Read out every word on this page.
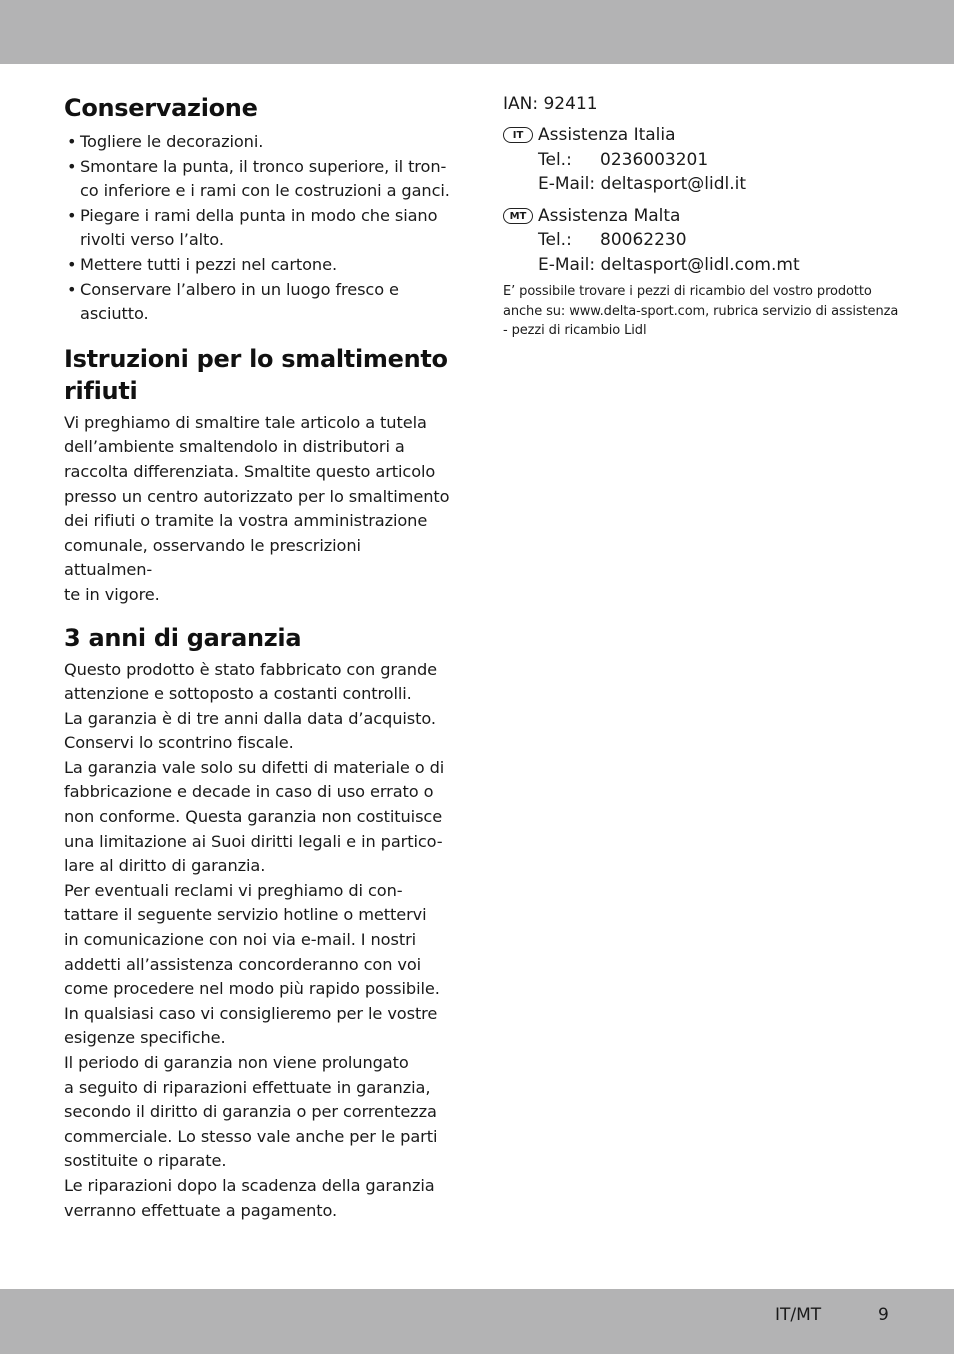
Conservazione
• Togliere le decorazioni.
• Smontare la punta, il tronco superiore, il tron-
co inferiore e i rami con le costruzioni a ganci.
• Piegare i rami della punta in modo che siano
rivolti verso l’alto.
• Mettere tutti i pezzi nel cartone.
• Conservare l’albero in un luogo fresco e
asciutto.
Istruzioni per lo smaltimento
rifiuti

Vi preghiamo di smaltire tale articolo a tutela
dell’ambiente smaltendolo in distributori a
raccolta differenziata. Smaltite questo articolo
presso un centro autorizzato per lo smaltimento
dei rifiuti o tramite la vostra amministrazione
comunale, osservando le prescrizioni attualmen-
te in vigore.

3 anni di garanzia

Questo prodotto è stato fabbricato con grande
attenzione e sottoposto a costanti controlli.

La garanzia è di tre anni dalla data d’acquisto.
Conservi lo scontrino fiscale.

La garanzia vale solo su difetti di materiale o di
fabbricazione e decade in caso di uso errato o
non conforme. Questa garanzia non costituisce
una limitazione ai Suoi diritti legali e in partico-
lare al diritto di garanzia.

Per eventuali reclami vi preghiamo di con-
tattare il seguente servizio hotline o mettervi
in comunicazione con noi via e-mail. I nostri
addetti all’assistenza concorderanno con voi
come procedere nel modo più rapido possibile.
In qualsiasi caso vi consiglieremo per le vostre
esigenze specifiche.

Il periodo di garanzia non viene prolungato
a seguito di riparazioni effettuate in garanzia,
secondo il diritto di garanzia o per correntezza
commerciale. Lo stesso vale anche per le parti
sostituite o riparate.

Le riparazioni dopo la scadenza della garanzia
verranno effettuate a pagamento.

IAN: 92411
IT Assistenza Italia
Tel.: 0236003201
E-Mail: deltasport@lidl.it
MT Assistenza Malta
Tel.: 80062230
E-Mail: deltasport@lidl.com.mt
E’ possibile trovare i pezzi di ricambio del vostro prodotto
anche su: www.delta-sport.com, rubrica servizio di assistenza
- pezzi di ricambio Lidl
IT/MT	9
